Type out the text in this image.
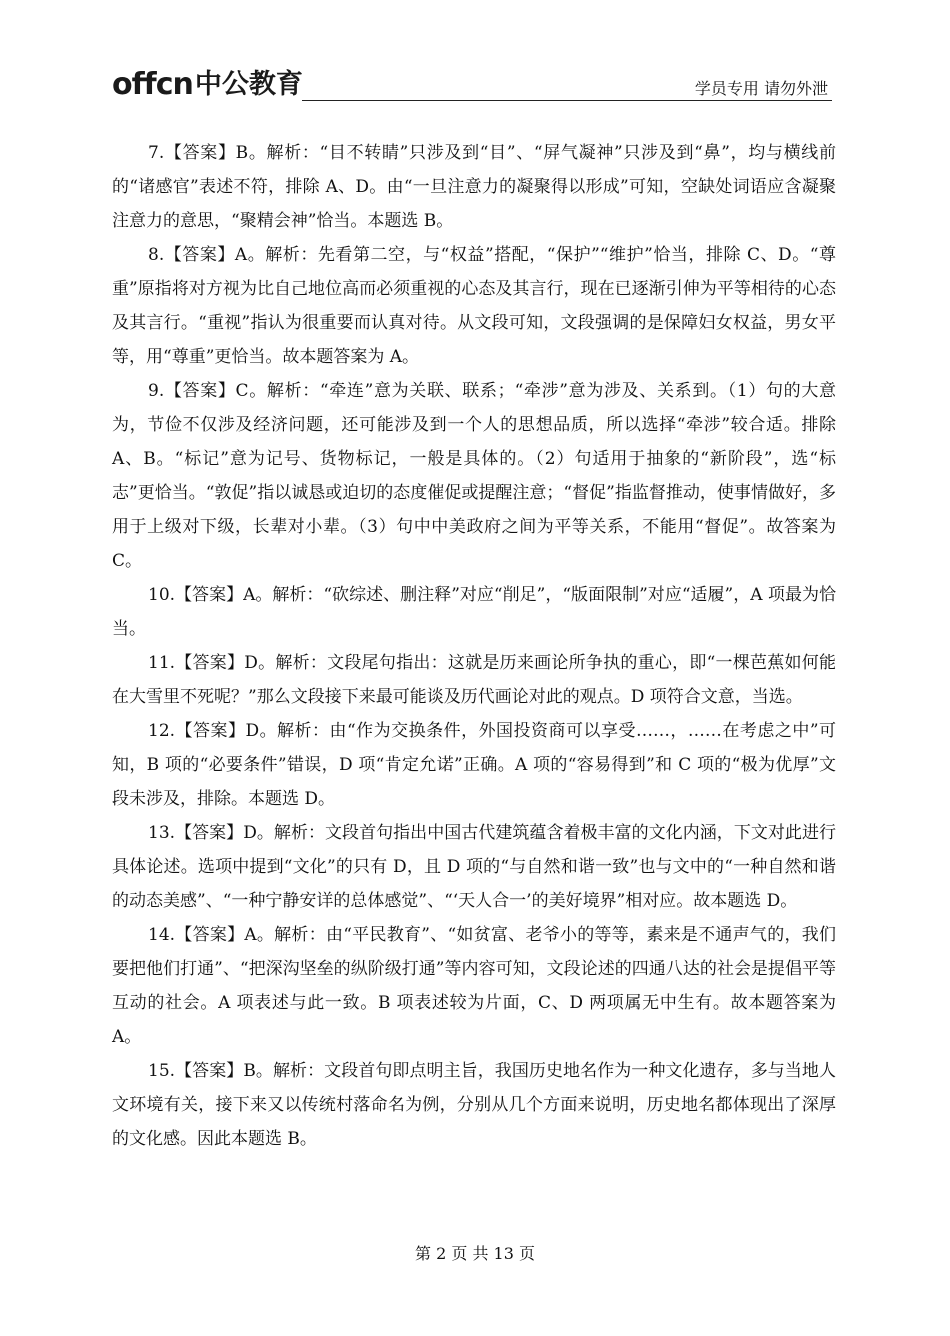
offcn 中公教育	学员专用 请勿外泄

7.【答案】B。解析：“目不转睛”只涉及到“目”、“屏气凝神”只涉及到“鼻”，均与横线前的“诸感官”表述不符，排除 A、D。由“一旦注意力的凝聚得以形成”可知，空缺处词语应含凝聚注意力的意思，“聚精会神”恰当。本题选 B。

8.【答案】A。解析：先看第二空，与“权益”搭配，“保护”“维护”恰当，排除 C、D。“尊重”原指将对方视为比自己地位高而必须重视的心态及其言行，现在已逐渐引伸为平等相待的心态及其言行。“重视”指认为很重要而认真对待。从文段可知，文段强调的是保障妇女权益，男女平等，用“尊重”更恰当。故本题答案为 A。

9.【答案】C。解析：“牵连”意为关联、联系；“牵涉”意为涉及、关系到。（1）句的大意为，节俭不仅涉及经济问题，还可能涉及到一个人的思想品质，所以选择“牵涉”较合适。排除 A、B。“标记”意为记号、货物标记，一般是具体的。（2）句适用于抽象的“新阶段”，选“标志”更恰当。“敦促”指以诚恳或迫切的态度催促或提醒注意；“督促”指监督推动，使事情做好，多用于上级对下级，长辈对小辈。（3）句中中美政府之间为平等关系，不能用“督促”。故答案为 C。

10.【答案】A。解析：“砍综述、删注释”对应“削足”，“版面限制”对应“适履”，A 项最为恰当。

11.【答案】D。解析：文段尾句指出：这就是历来画论所争执的重心，即“一棵芭蕉如何能在大雪里不死呢？”那么文段接下来最可能谈及历代画论对此的观点。D 项符合文意，当选。

12.【答案】D。解析：由“作为交换条件，外国投资商可以享受……，……在考虑之中”可知，B 项的“必要条件”错误，D 项“肯定允诺”正确。A 项的“容易得到”和 C 项的“极为优厚”文段未涉及，排除。本题选 D。

13.【答案】D。解析：文段首句指出中国古代建筑蕴含着极丰富的文化内涵，下文对此进行具体论述。选项中提到“文化”的只有 D，且 D 项的“与自然和谐一致”也与文中的“一种自然和谐的动态美感”、“一种宁静安详的总体感觉”、“‘天人合一’的美好境界”相对应。故本题选 D。

14.【答案】A。解析：由“平民教育”、“如贫富、老爷小的等等，素来是不通声气的，我们要把他们打通”、“把深沟坚垒的纵阶级打通”等内容可知，文段论述的四通八达的社会是提倡平等互动的社会。A 项表述与此一致。B 项表述较为片面，C、D 两项属无中生有。故本题答案为 A。

15.【答案】B。解析：文段首句即点明主旨，我国历史地名作为一种文化遗存，多与当地人文环境有关，接下来又以传统村落命名为例，分别从几个方面来说明，历史地名都体现出了深厚的文化感。因此本题选 B。

第 2 页 共 13 页
